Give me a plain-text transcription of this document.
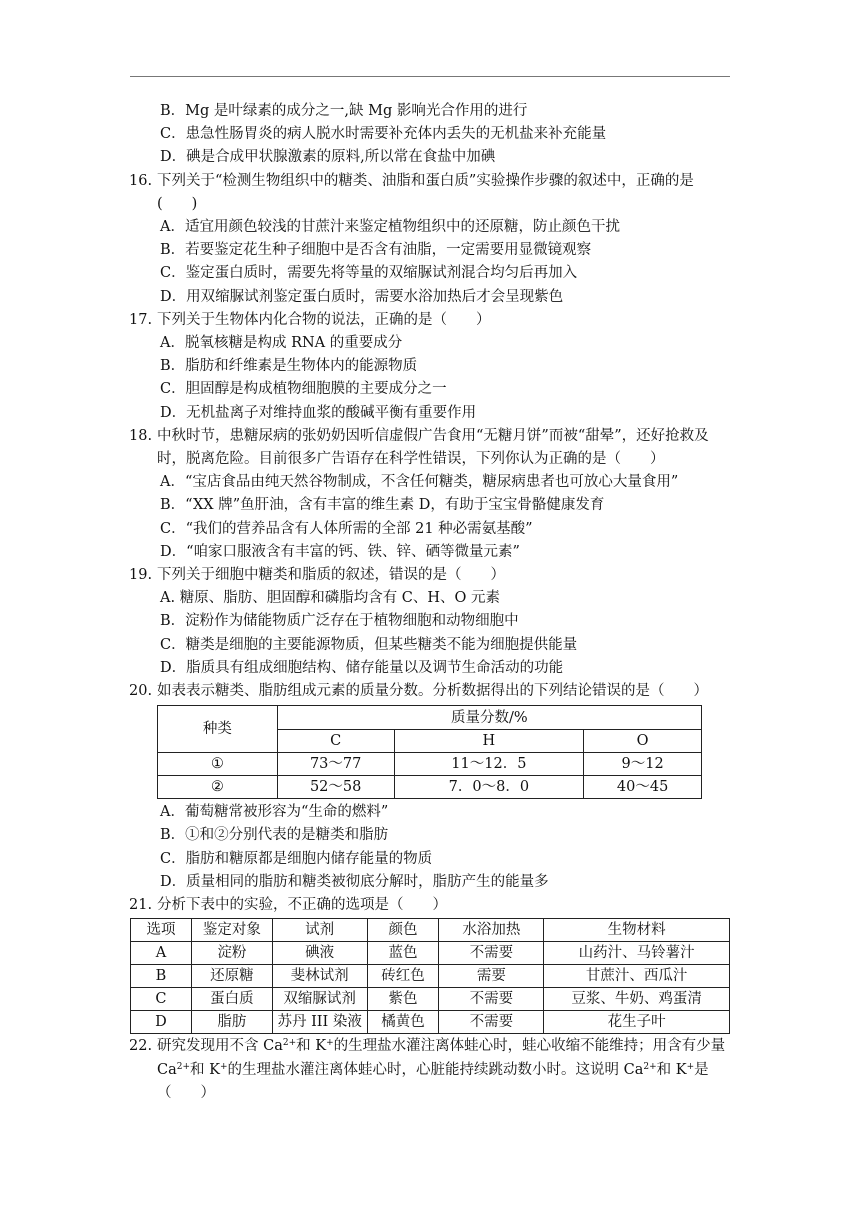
B．Mg 是叶绿素的成分之一,缺 Mg 影响光合作用的进行

C．患急性肠胃炎的病人脱水时需要补充体内丢失的无机盐来补充能量

D．碘是合成甲状腺激素的原料,所以常在食盐中加碘

16. 下列关于“检测生物组织中的糖类、油脂和蛋白质”实验操作步骤的叙述中，正确的是(　　)

A．适宜用颜色较浅的甘蔗汁来鉴定植物组织中的还原糖，防止颜色干扰

B．若要鉴定花生种子细胞中是否含有油脂，一定需要用显微镜观察

C．鉴定蛋白质时，需要先将等量的双缩脲试剂混合均匀后再加入

D．用双缩脲试剂鉴定蛋白质时，需要水浴加热后才会呈现紫色

17. 下列关于生物体内化合物的说法，正确的是（　　）

A．脱氧核糖是构成 RNA 的重要成分

B．脂肪和纤维素是生物体内的能源物质

C．胆固醇是构成植物细胞膜的主要成分之一

D．无机盐离子对维持血浆的酸碱平衡有重要作用

18. 中秋时节，患糖尿病的张奶奶因听信虚假广告食用“无糖月饼”而被“甜晕”，还好抢救及时，脱离危险。目前很多广告语存在科学性错误，下列你认为正确的是（　　）

A．“宝店食品由纯天然谷物制成，不含任何糖类，糖尿病患者也可放心大量食用”

B．“XX 牌”鱼肝油，含有丰富的维生素 D，有助于宝宝骨骼健康发育

C．“我们的营养品含有人体所需的全部 21 种必需氨基酸”

D．“咱家口服液含有丰富的钙、铁、锌、硒等微量元素”

19. 下列关于细胞中糖类和脂质的叙述，错误的是（　　）

A. 糖原、脂肪、胆固醇和磷脂均含有 C、H、O 元素

B．淀粉作为储能物质广泛存在于植物细胞和动物细胞中

C．糖类是细胞的主要能源物质，但某些糖类不能为细胞提供能量

D．脂质具有组成细胞结构、储存能量以及调节生命活动的功能

20. 如表表示糖类、脂肪组成元素的质量分数。分析数据得出的下列结论错误的是（　　）

种类	质量分数/%		
	C	H	O
①	73～77	11～12．5	9～12
②	52～58	7．0～8．0	40～45

A．葡萄糖常被形容为“生命的燃料”

B．①和②分别代表的是糖类和脂肪

C．脂肪和糖原都是细胞内储存能量的物质

D．质量相同的脂肪和糖类被彻底分解时，脂肪产生的能量多

21. 分析下表中的实验，不正确的选项是（　　）

选项	鉴定对象	试剂	颜色	水浴加热	生物材料
A	淀粉	碘液	蓝色	不需要	山药汁、马铃薯汁
B	还原糖	斐林试剂	砖红色	需要	甘蔗汁、西瓜汁
C	蛋白质	双缩脲试剂	紫色	不需要	豆浆、牛奶、鸡蛋清
D	脂肪	苏丹 III 染液	橘黄色	不需要	花生子叶

22. 研究发现用不含 $Ca^{2+}$和 K+的生理盐水灌注离体蛙心时，蛙心收缩不能维持；用含有少量 $Ca^{2+}$和 K+的生理盐水灌注离体蛙心时，心脏能持续跳动数小时。这说明 $Ca^{2+}$和 K+是（　　）
